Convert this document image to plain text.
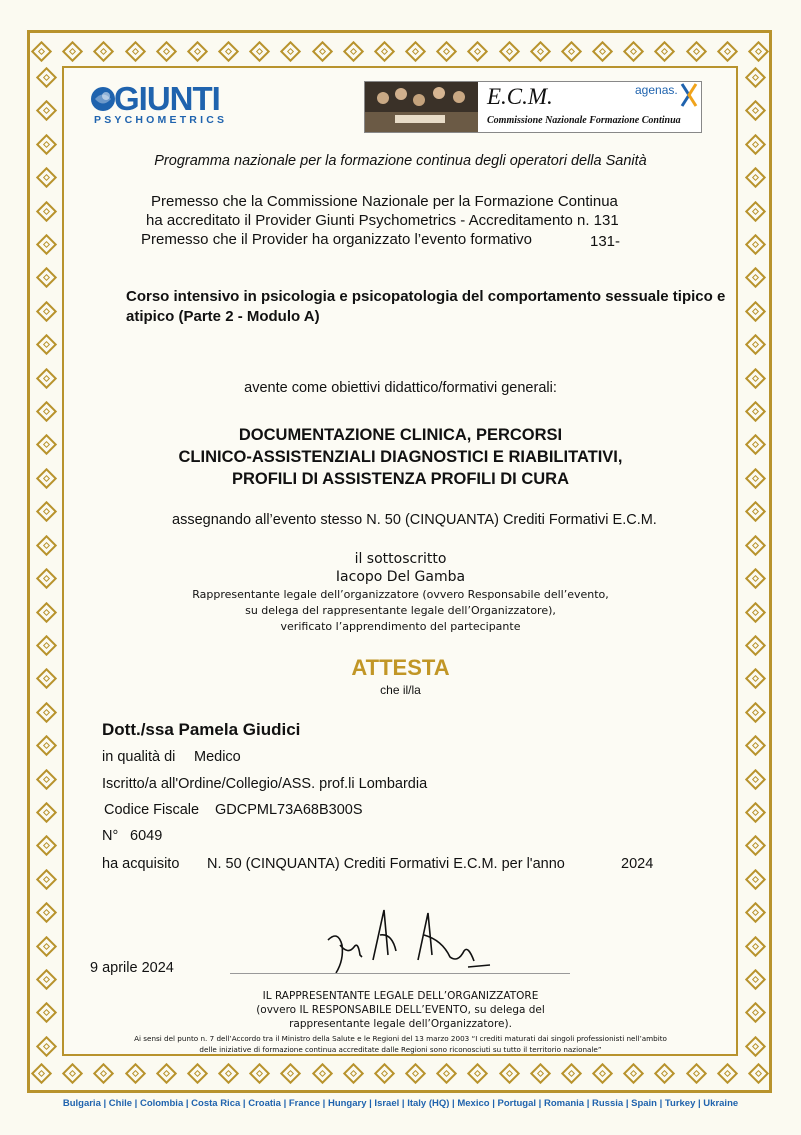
GIUNTI
PSYCHOMETRICS
E.C.M.
Commissione Nazionale Formazione Continua
agenas.
Programma nazionale per la formazione continua degli operatori della Sanità
Premesso che la Commissione Nazionale per la Formazione Continua
ha accreditato il Provider Giunti Psychometrics - Accreditamento n. 131
Premesso che il Provider ha organizzato l’evento formativo	131-
Corso intensivo in psicologia e psicopatologia del comportamento sessuale tipico e atipico (Parte 2 - Modulo A)
avente come obiettivi didattico/formativi generali:
DOCUMENTAZIONE CLINICA, PERCORSI
CLINICO-ASSISTENZIALI DIAGNOSTICI E RIABILITATIVI,
PROFILI DI ASSISTENZA PROFILI DI CURA
assegnando all’evento stesso N. 50 (CINQUANTA) Crediti Formativi E.C.M.
il sottoscritto
Iacopo Del Gamba
Rappresentante legale dell’organizzatore (ovvero Responsabile dell’evento,
su delega del rappresentante legale dell’Organizzatore),
verificato l’apprendimento del partecipante
ATTESTA
che il/la
Dott./ssa Pamela Giudici
in qualità di Medico
Iscritto/a all'Ordine/Collegio/ASS. prof.li Lombardia
Codice Fiscale GDCPML73A68B300S
N° 6049
ha acquisito N. 50 (CINQUANTA) Crediti Formativi E.C.M. per l'anno	2024
9 aprile 2024
IL RAPPRESENTANTE LEGALE DELL’ORGANIZZATORE
(ovvero IL RESPONSABILE DELL’EVENTO, su delega del
rappresentante legale dell’Organizzatore).
Ai sensi del punto n. 7 dell’Accordo tra il Ministro della Salute e le Regioni del 13 marzo 2003 “I crediti maturati dai singoli professionisti nell’ambito
delle iniziative di formazione continua accreditate dalle Regioni sono riconosciuti su tutto il territorio nazionale”
Bulgaria | Chile | Colombia | Costa Rica | Croatia | France | Hungary | Israel | Italy (HQ) | Mexico | Portugal | Romania | Russia | Spain | Turkey | Ukraine
